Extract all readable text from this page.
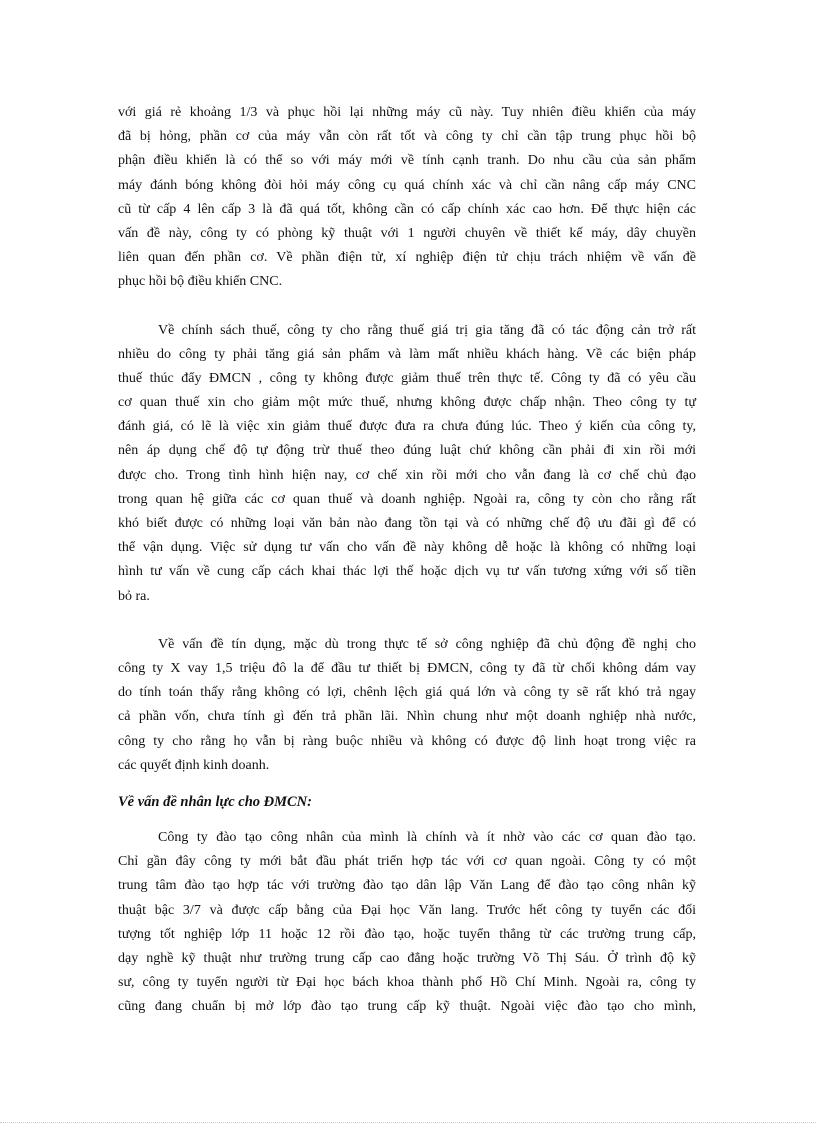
với giá rẻ khoảng 1/3 và phục hồi lại những máy cũ này. Tuy nhiên điều khiển của máy
đã bị hỏng, phần cơ của máy vẫn còn rất tốt và công ty chỉ cần tập trung phục hồi bộ
phận điều khiển là có thể so với máy mới về tính cạnh tranh. Do nhu cầu của sản phẩm
máy đánh bóng không đòi hỏi máy công cụ quá chính xác và chỉ cần nâng cấp máy CNC
cũ từ cấp 4 lên cấp 3 là đã quá tốt, không cần có cấp chính xác cao hơn. Để thực hiện các
vấn đề này, công ty có phòng kỹ thuật với 1 người chuyên về thiết kế máy, dây chuyền
liên quan đến phần cơ. Về phần điện tử, xí nghiệp điện tử chịu trách nhiệm về vấn đề
phục hồi bộ điều khiển CNC.
Về chính sách thuế, công ty cho rằng thuế giá trị gia tăng đã có tác động cản trở rất
nhiều do công ty phải tăng giá sản phẩm và làm mất nhiều khách hàng. Về các biện pháp
thuế thúc đẩy ĐMCN , công ty không được giảm thuế trên thực tế. Công ty đã có yêu cầu
cơ quan thuế xin cho giảm một mức thuế, nhưng không được chấp nhận. Theo công ty tự
đánh giá, có lẽ là việc xin giảm thuế được đưa ra chưa đúng lúc. Theo ý kiến của công ty,
nên áp dụng chế độ tự động trừ thuế theo đúng luật chứ không cần phải đi xin rồi mới
được cho. Trong tình hình hiện nay, cơ chế xin rồi mới cho vẫn đang là cơ chế chủ đạo
trong quan hệ giữa các cơ quan thuế và doanh nghiệp. Ngoài ra, công ty còn cho rằng rất
khó biết được có những loại văn bản nào đang tồn tại và có những chế độ ưu đãi gì để có
thể vận dụng. Việc sử dụng tư vấn cho vấn đề này không dễ hoặc là không có những loại
hình tư vấn về cung cấp cách khai thác lợi thế hoặc dịch vụ tư vấn tương xứng với số tiền
bỏ ra.
Về vấn đề tín dụng, mặc dù trong thực tế sở công nghiệp đã chủ động đề nghị cho
công ty X vay 1,5 triệu đô la để đầu tư thiết bị ĐMCN, công ty đã từ chối không dám vay
do tính toán thấy rằng không có lợi, chênh lệch giá quá lớn và công ty sẽ rất khó trả ngay
cả phần vốn, chưa tính gì đến trả phần lãi. Nhìn chung như một doanh nghiệp nhà nước,
công ty cho rằng họ vẫn bị ràng buộc nhiều và không có được độ linh hoạt trong việc ra
các quyết định kinh doanh.
Về vấn đề nhân lực cho ĐMCN:
Công ty đào tạo công nhân của mình là chính và ít nhờ vào các cơ quan đào tạo.
Chỉ gần đây công ty mới bắt đầu phát triển hợp tác với cơ quan ngoài. Công ty có một
trung tâm đào tạo hợp tác với trường đào tạo dân lập Văn Lang để đào tạo công nhân kỹ
thuật bậc 3/7 và được cấp bằng của Đại học Văn lang. Trước hết công ty tuyển các đối
tượng tốt nghiệp lớp 11 hoặc 12 rồi đào tạo, hoặc tuyển thẳng từ các trường trung cấp,
dạy nghề kỹ thuật như trường trung cấp cao đẳng hoặc trường Võ Thị Sáu. Ở trình độ kỹ
sư, công ty tuyển người từ Đại học bách khoa thành phố Hồ Chí Minh. Ngoài ra, công ty
cũng đang chuẩn bị mở lớp đào tạo trung cấp kỹ thuật. Ngoài việc đào tạo cho mình,
